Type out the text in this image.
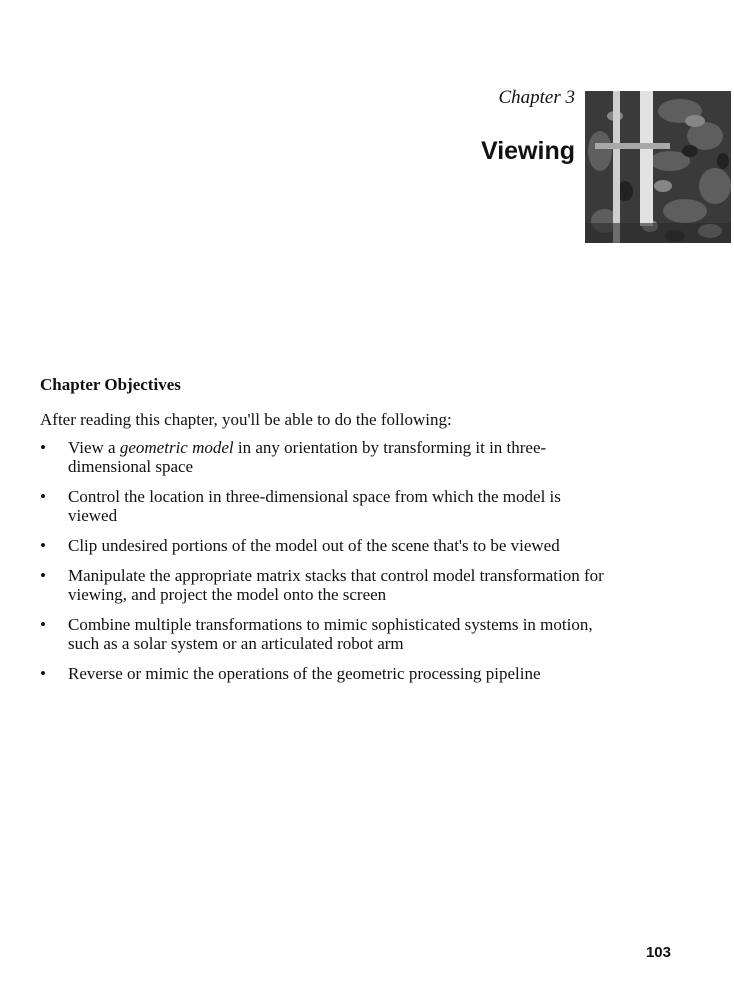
Chapter 3
Viewing
Chapter Objectives
After reading this chapter, you'll be able to do the following:
• View a geometric model in any orientation by transforming it in three-dimensional space
• Control the location in three-dimensional space from which the model is viewed
• Clip undesired portions of the model out of the scene that's to be viewed
• Manipulate the appropriate matrix stacks that control model transformation for viewing, and project the model onto the screen
• Combine multiple transformations to mimic sophisticated systems in motion, such as a solar system or an articulated robot arm
• Reverse or mimic the operations of the geometric processing pipeline
103
